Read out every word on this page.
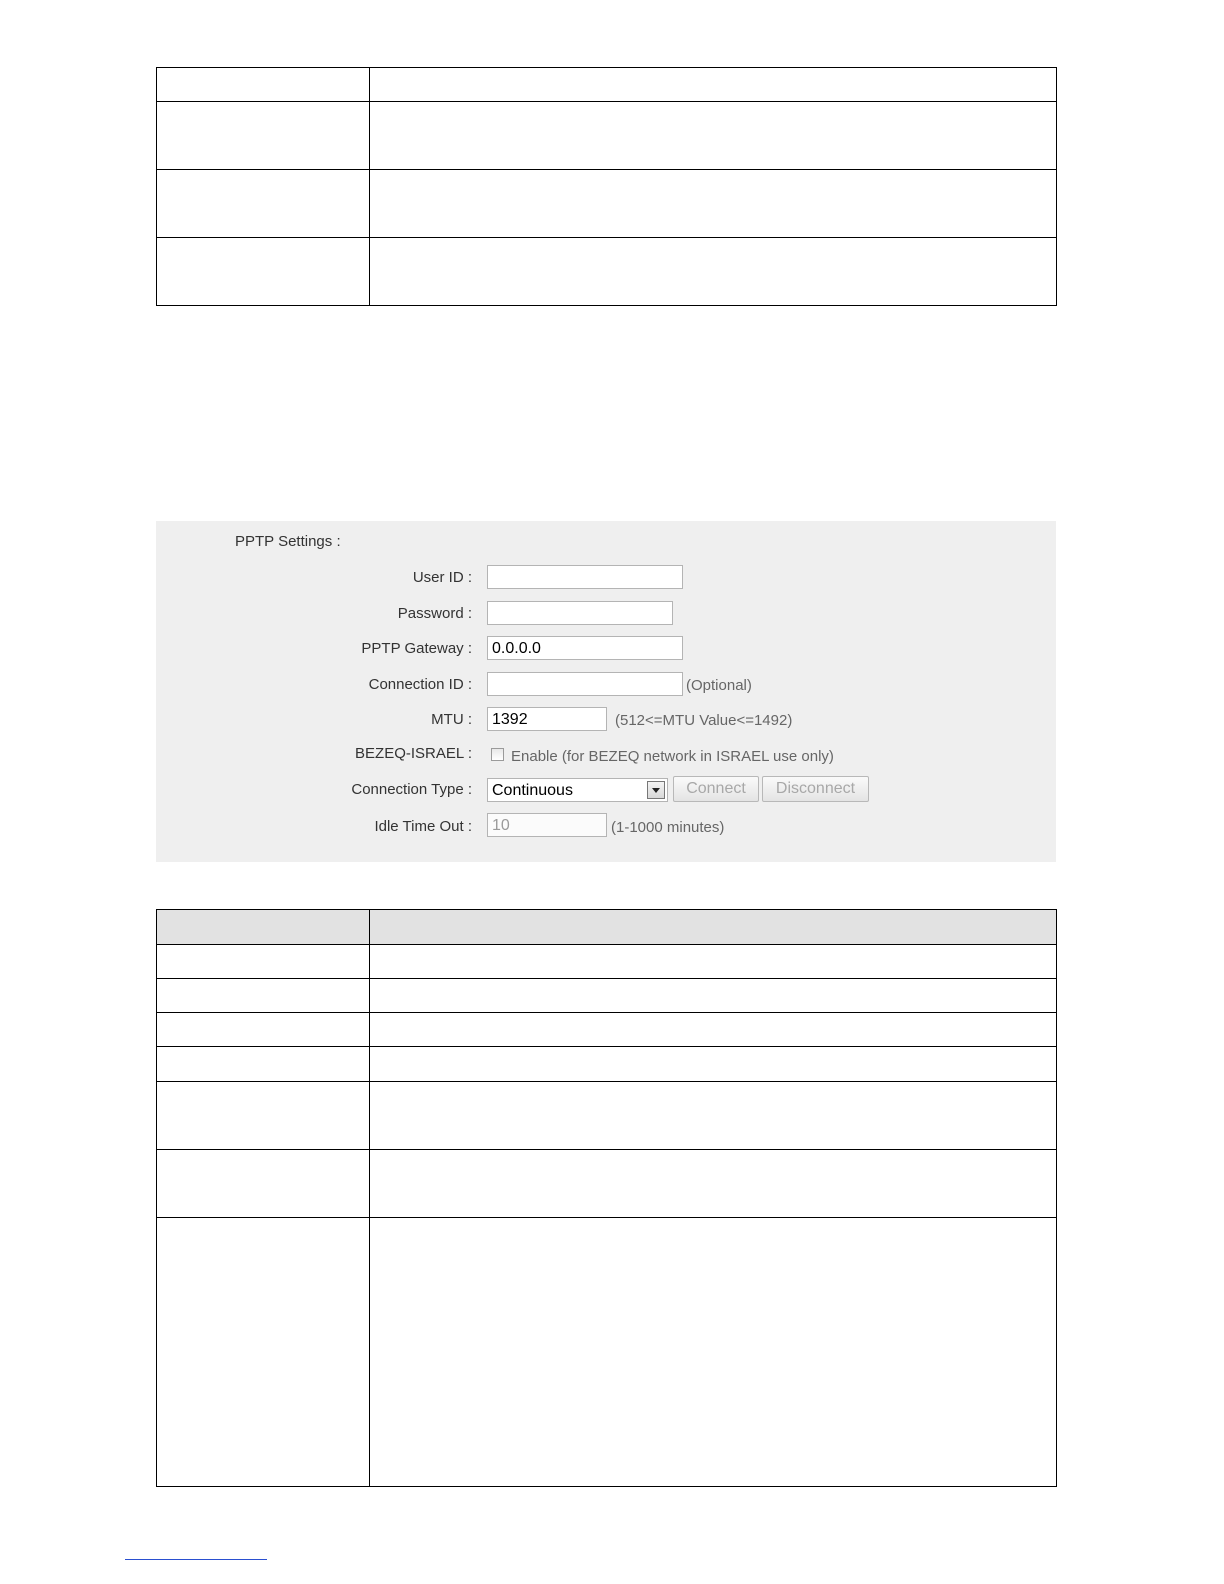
PPTP Settings :
User ID :
Password :
PPTP Gateway :	0.0.0.0
Connection ID :	(Optional)
MTU :	1392	(512<=MTU Value<=1492)
BEZEQ-ISRAEL :	Enable (for BEZEQ network in ISRAEL use only)
Connection Type :	Continuous	Connect	Disconnect
Idle Time Out :	10	(1-1000 minutes)
